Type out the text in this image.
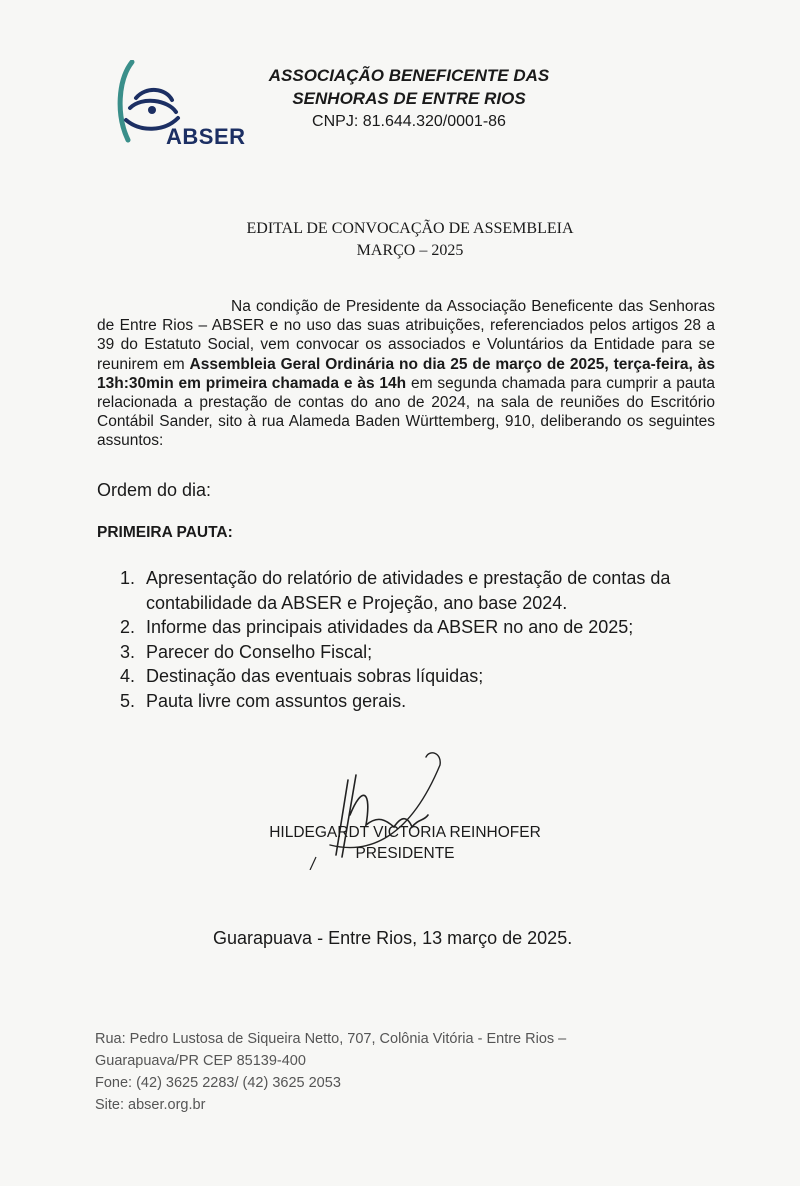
ABSER
ASSOCIAÇÃO BENEFICENTE DAS
SENHORAS DE ENTRE RIOS
CNPJ: 81.644.320/0001-86
EDITAL DE CONVOCAÇÃO DE ASSEMBLEIA
MARÇO – 2025
Na condição de Presidente da Associação Beneficente das Senhoras de Entre Rios – ABSER e no uso das suas atribuições, referenciados pelos artigos 28 a 39 do Estatuto Social, vem convocar os associados e Voluntários da Entidade para se reunirem em Assembleia Geral Ordinária no dia 25 de março de 2025, terça-feira, às 13h:30min em primeira chamada e às 14h em segunda chamada para cumprir a pauta relacionada a prestação de contas do ano de 2024, na sala de reuniões do Escritório Contábil Sander, sito à rua Alameda Baden Württemberg, 910, deliberando os seguintes assuntos:
Ordem do dia:
PRIMEIRA PAUTA:
1. Apresentação do relatório de atividades e prestação de contas da contabilidade da ABSER e Projeção, ano base 2024.
2. Informe das principais atividades da ABSER no ano de 2025;
3. Parecer do Conselho Fiscal;
4. Destinação das eventuais sobras líquidas;
5. Pauta livre com assuntos gerais.
HILDEGARDT VICTORIA REINHOFER
PRESIDENTE
Guarapuava - Entre Rios, 13 março de 2025.
Rua: Pedro Lustosa de Siqueira Netto, 707, Colônia Vitória - Entre Rios –
Guarapuava/PR CEP 85139-400
Fone: (42) 3625 2283/ (42) 3625 2053
Site: abser.org.br
